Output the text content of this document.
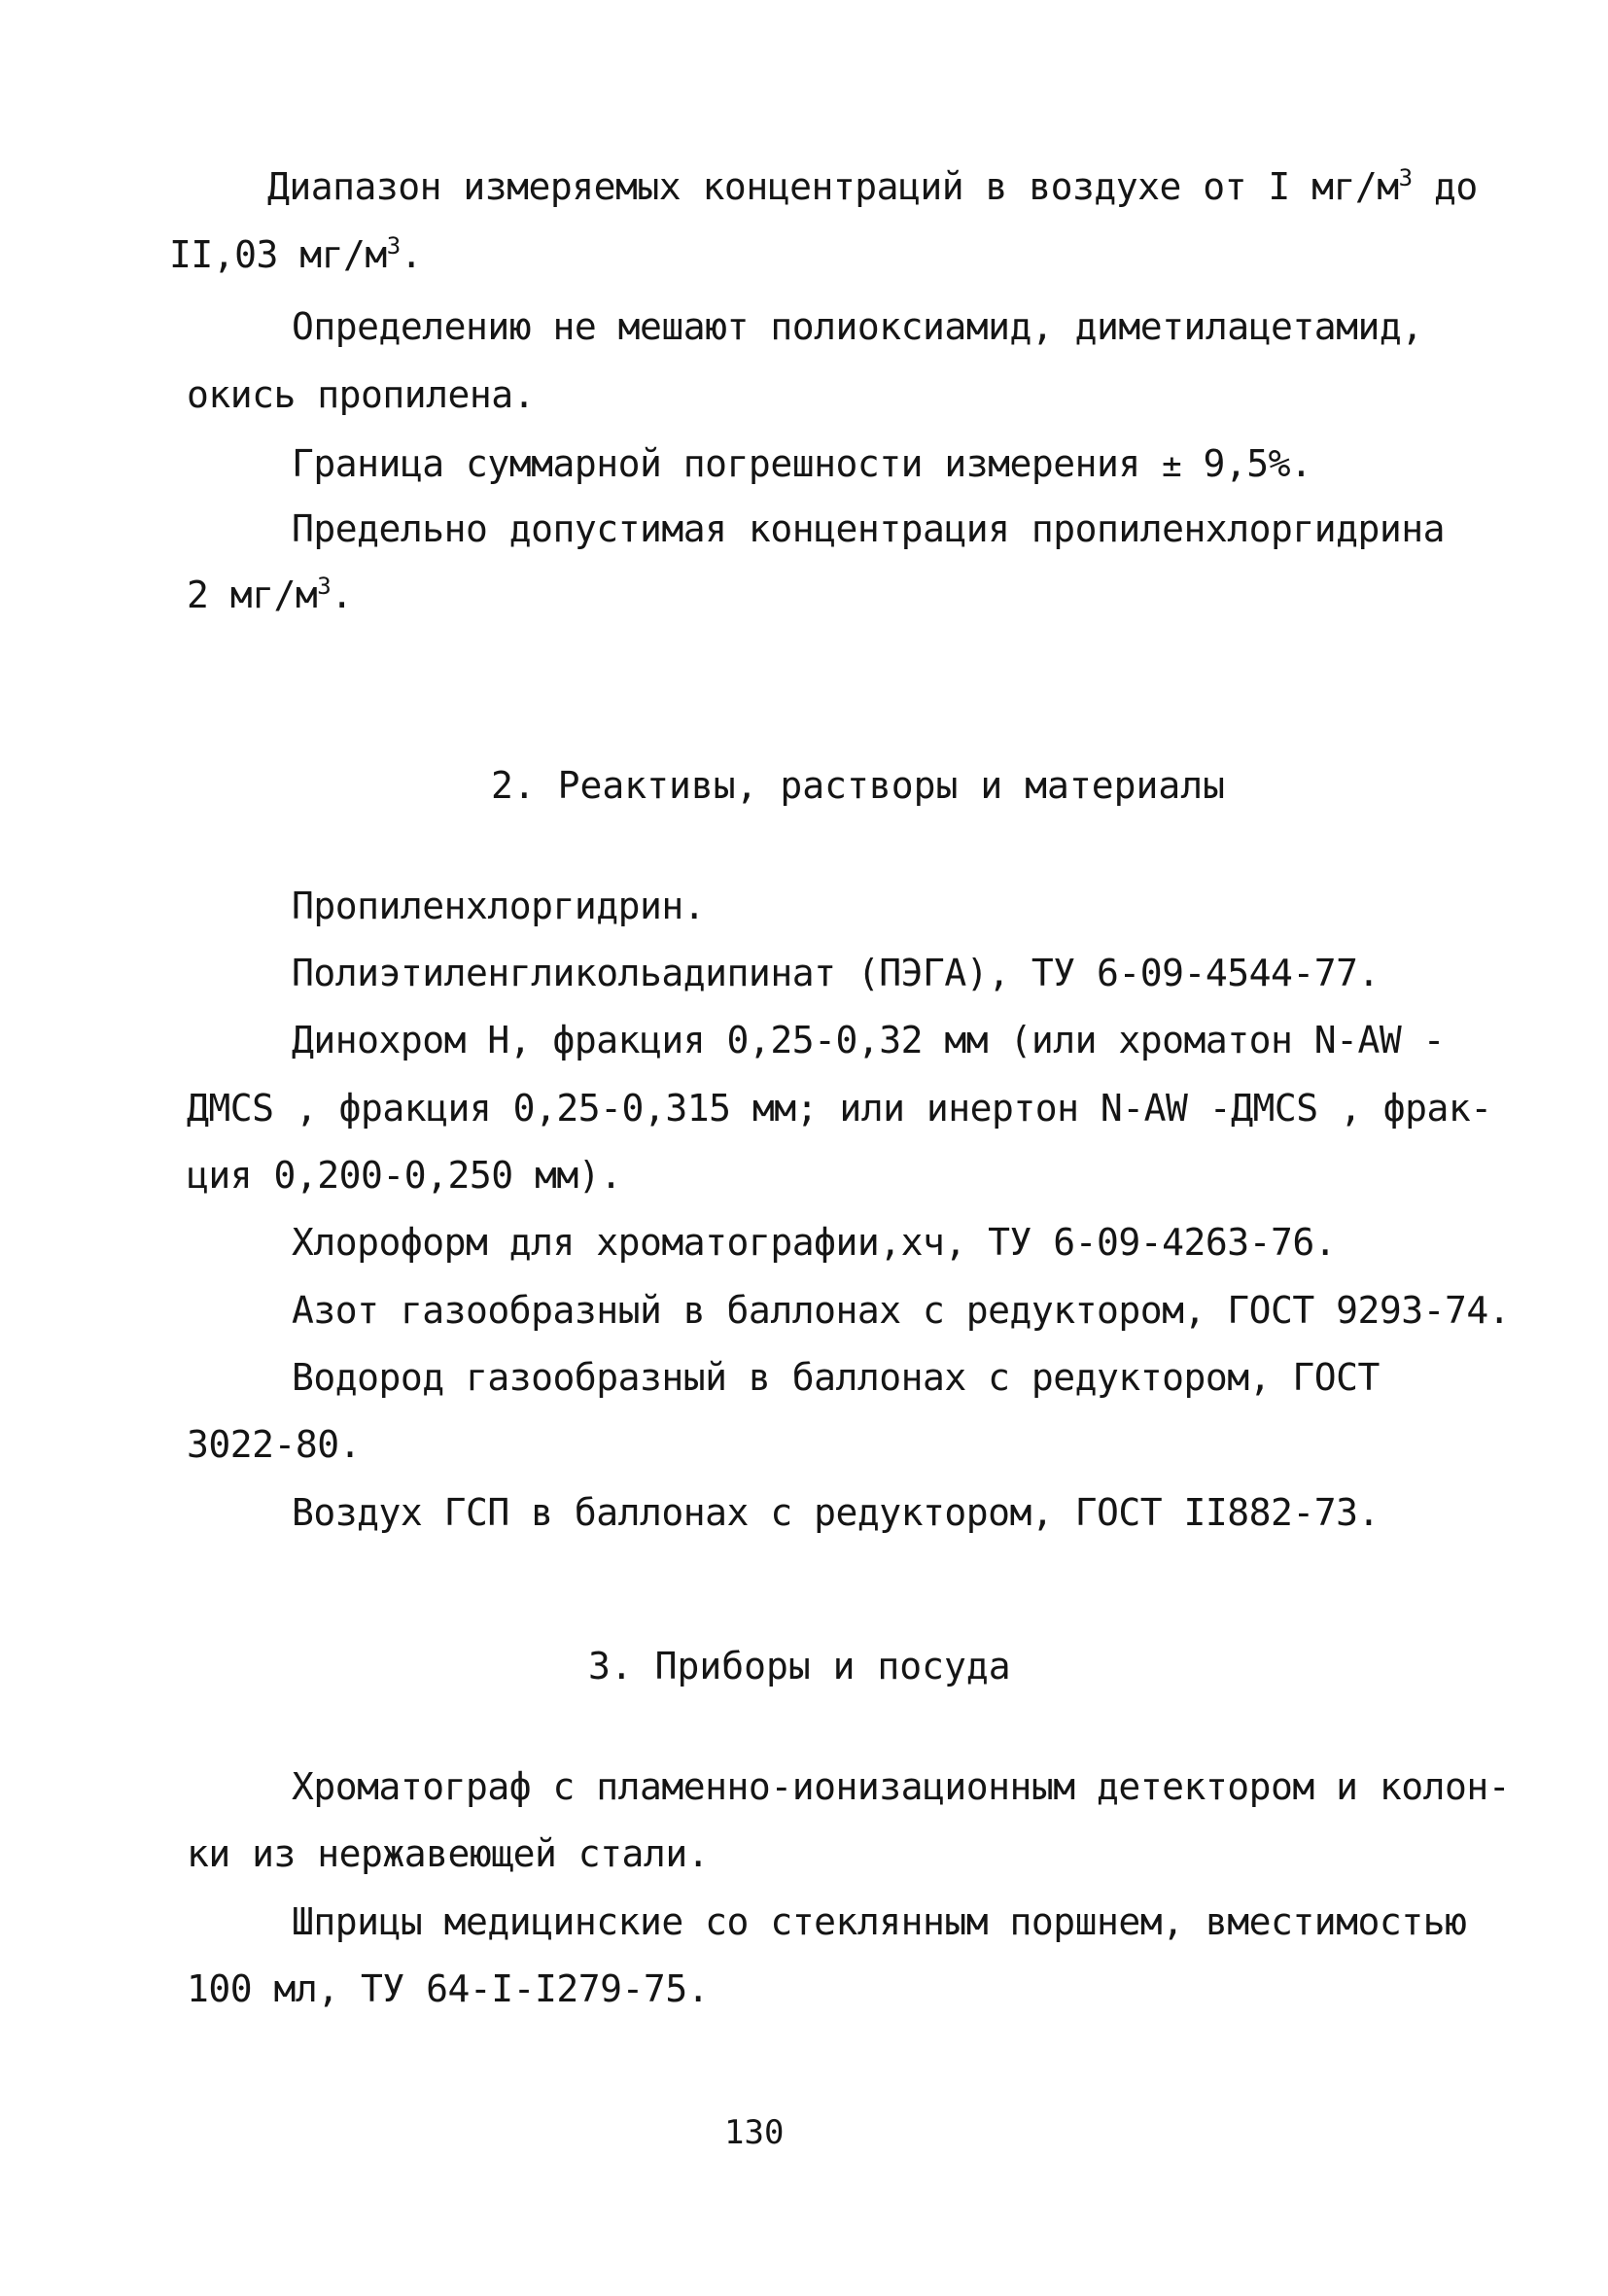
Диапазон измеряемых концентраций в воздухе от I $мг/м^3$ до
II,03 $мг/м^3$.
Определению не мешают полиоксиамид, диметилацетамид,
окись пропилена.
Граница суммарной погрешности измерения ± 9,5%.
Предельно допустимая концентрация пропиленхлоргидрина
2 $мг/м^3$.
2. Реактивы, растворы и материалы
Пропиленхлоргидрин.
Полиэтиленгликольадипинат (ПЭГА), ТУ 6-09-4544-77.
Динохром Н, фракция 0,25-0,32 мм (или хроматон N-AW -
ДМСS , фракция 0,25-0,315 мм; или инертон N-AW -ДМСS , фрак-
ция 0,200-0,250 мм).
Хлороформ для хроматографии,хч, ТУ 6-09-4263-76.
Азот газообразный в баллонах с редуктором, ГОСТ 9293-74.
Водород газообразный в баллонах с редуктором, ГОСТ
3022-80.
Воздух ГСП в баллонах с редуктором, ГОСТ II882-73.
3. Приборы и посуда
Хроматограф с пламенно-ионизационным детектором и колон-
ки из нержавеющей стали.
Шприцы медицинские со стеклянным поршнем, вместимостью
100 мл, ТУ 64-I-I279-75.
130
